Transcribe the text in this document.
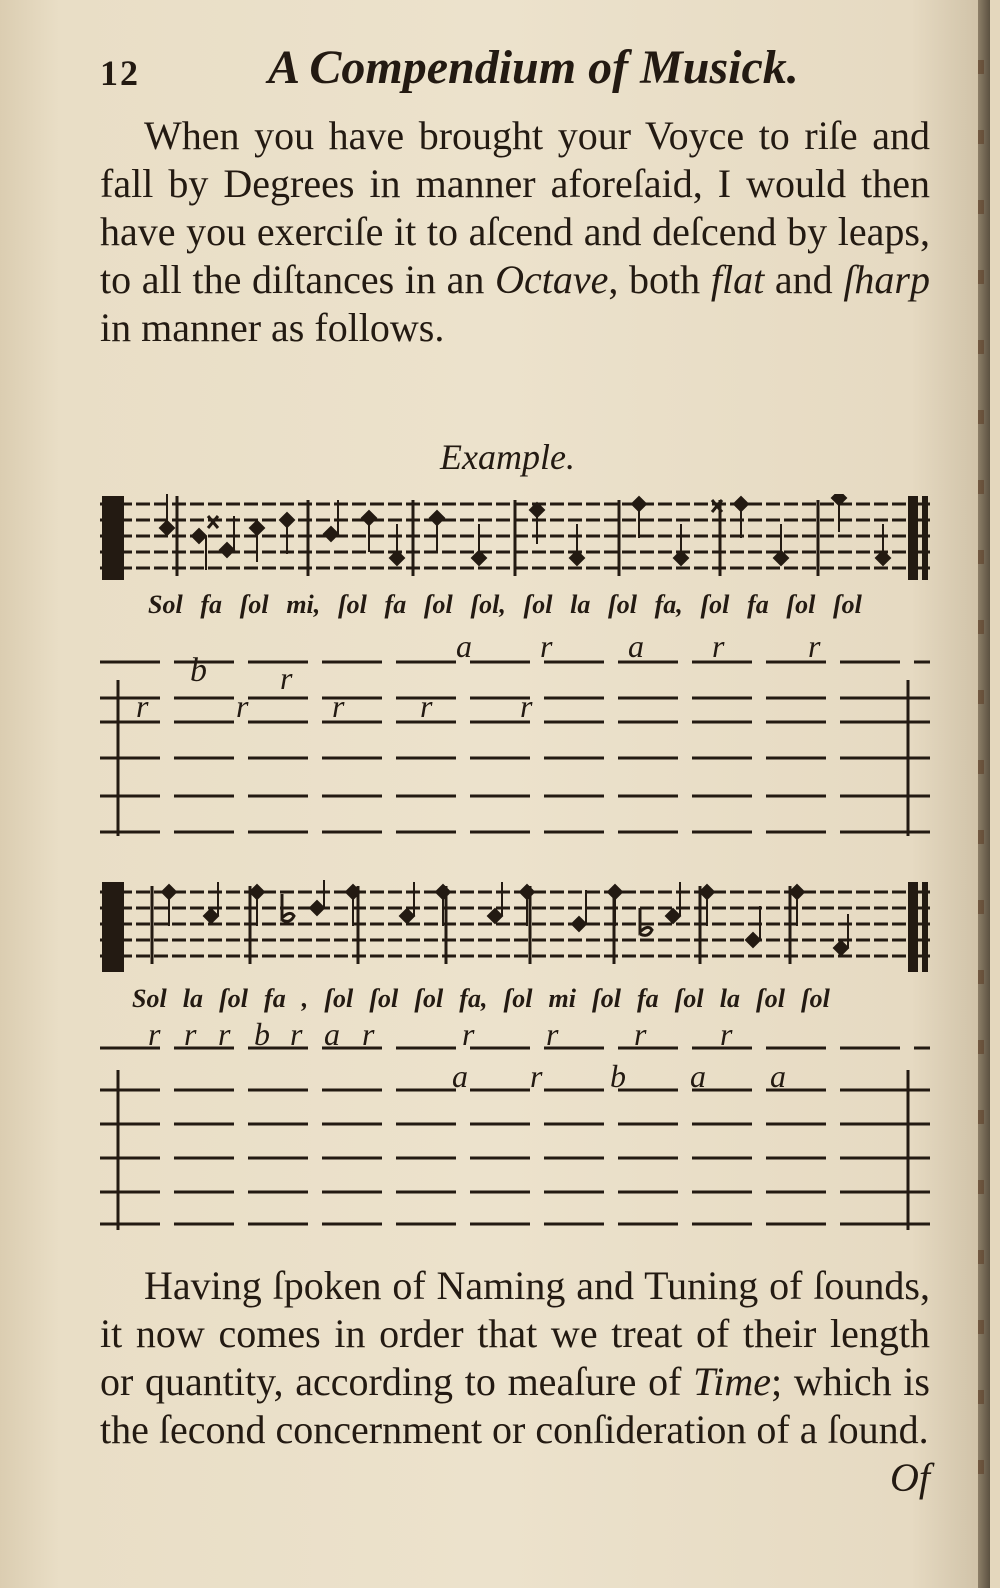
12	A Compendium of Musick.

When you have brought your Voyce to riſe and fall by Degrees in manner aforeſaid, I would then have you exerciſe it to aſcend and deſcend by leaps, to all the diſtances in an Octave, both flat and ſharp in manner as follows.

Example.
Sol fa ſol mi, ſol fa ſol ſol, ſol la ſol fa, ſol fa ſol ſol
b r
a r a r	r
r	r	r r	r
Sol la ſol fa , ſol ſol ſol fa, ſol mi ſol fa ſol la ſol ſol
r r r b r a r	r r r r
a r b a a

Having ſpoken of Naming and Tuning of ſounds, it now comes in order that we treat of their length or quantity, according to meaſure of Time; which is the ſecond concernment or conſideration of a ſound.
Of
